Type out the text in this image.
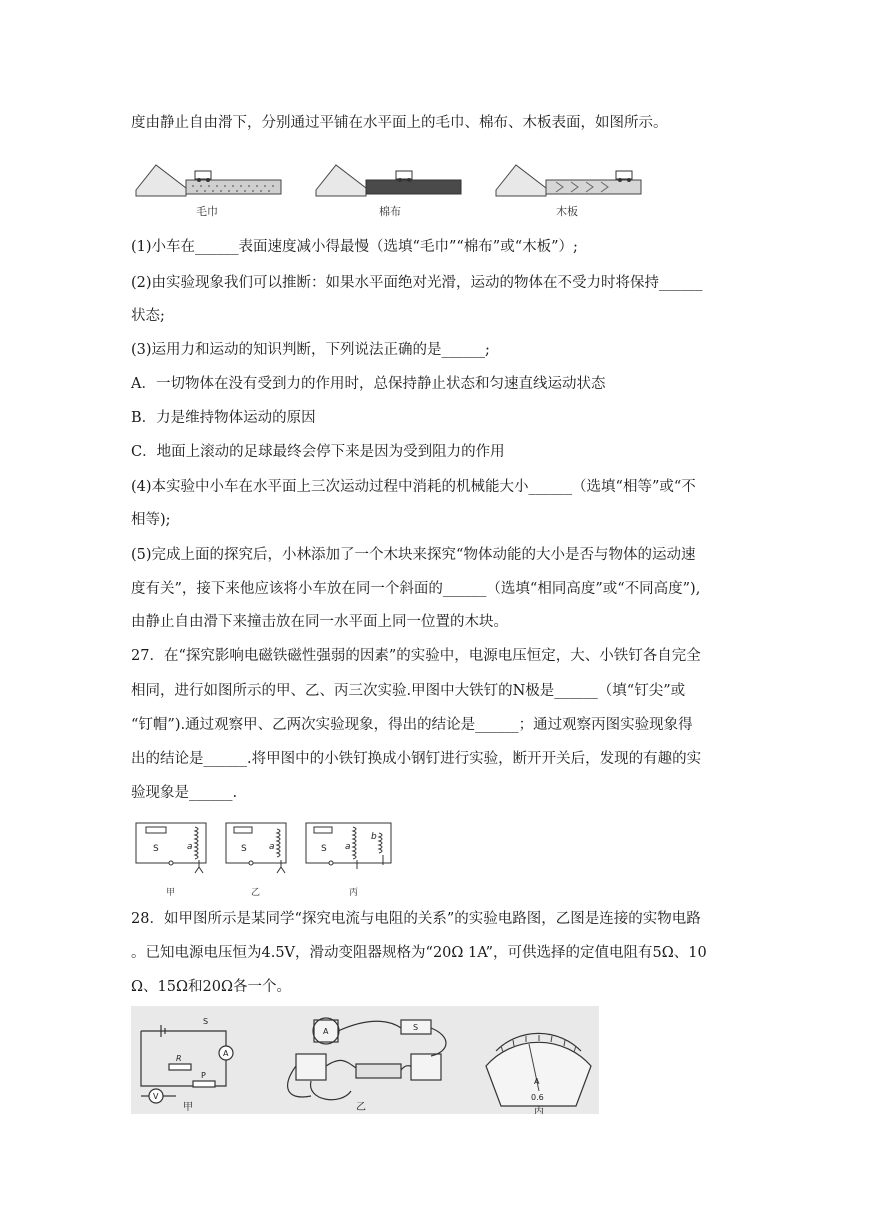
度由静止自由滑下，分别通过平铺在水平面上的毛巾、棉布、木板表面，如图所示。
(1)小车在______表面速度减小得最慢（选填“毛巾”“棉布”或“木板”）;
(2)由实验现象我们可以推断：如果水平面绝对光滑，运动的物体在不受力时将保持______
状态;
(3)运用力和运动的知识判断，下列说法正确的是______;
A．一切物体在没有受到力的作用时，总保持静止状态和匀速直线运动状态
B．力是维持物体运动的原因
C．地面上滚动的足球最终会停下来是因为受到阻力的作用
(4)本实验中小车在水平面上三次运动过程中消耗的机械能大小______（选填“相等”或“不
相等);
(5)完成上面的探究后，小林添加了一个木块来探究“物体动能的大小是否与物体的运动速
度有关”，接下来他应该将小车放在同一个斜面的______（选填“相同高度”或“不同高度”),
由静止自由滑下来撞击放在同一水平面上同一位置的木块。
27．在“探究影响电磁铁磁性强弱的因素”的实验中，电源电压恒定，大、小铁钉各自完全
相同，进行如图所示的甲、乙、丙三次实验.甲图中大铁钉的N极是______（填“钉尖”或
“钉帽”).通过观察甲、乙两次实验现象，得出的结论是______；通过观察丙图实验现象得
出的结论是______.将甲图中的小铁钉换成小钢钉进行实验，断开开关后，发现的有趣的实
验现象是______.
28．如甲图所示是某同学“探究电流与电阻的关系”的实验电路图，乙图是连接的实物电路
。已知电源电压恒为4.5V，滑动变阻器规格为“20Ω 1A”，可供选择的定值电阻有5Ω、10
Ω、15Ω和20Ω各一个。
毛巾	棉布	木板
S	a	S a	S a
b
甲	乙	丙
S
A
V
R
P
A	S
A
0.6
甲	乙	丙
